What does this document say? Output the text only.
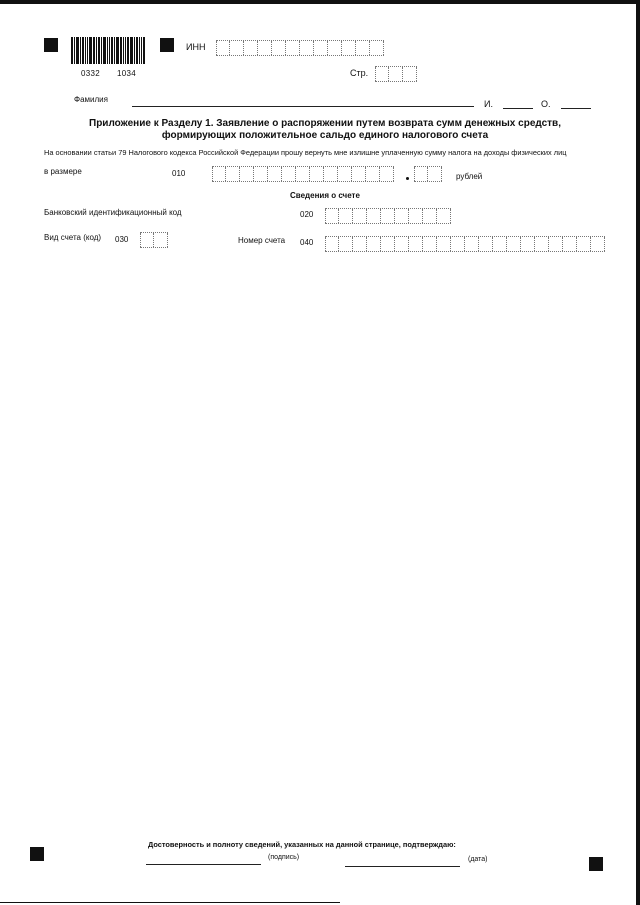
0332 1034
ИНН
Стр.
Фамилия	И.	О.
Приложение к Разделу 1. Заявление о распоряжении путем возврата сумм денежных средств,
формирующих положительное сальдо единого налогового счета
На основании статьи 79 Налогового кодекса Российской Федерации прошу вернуть мне излишне уплаченную сумму налога на доходы физических лиц
в размере	010	рублей
Сведения о счете
Банковский идентификационный код	020
Вид счета (код) 030	Номер счета 040
Достоверность и полноту сведений, указанных на данной странице, подтверждаю:
(подпись)	(дата)
